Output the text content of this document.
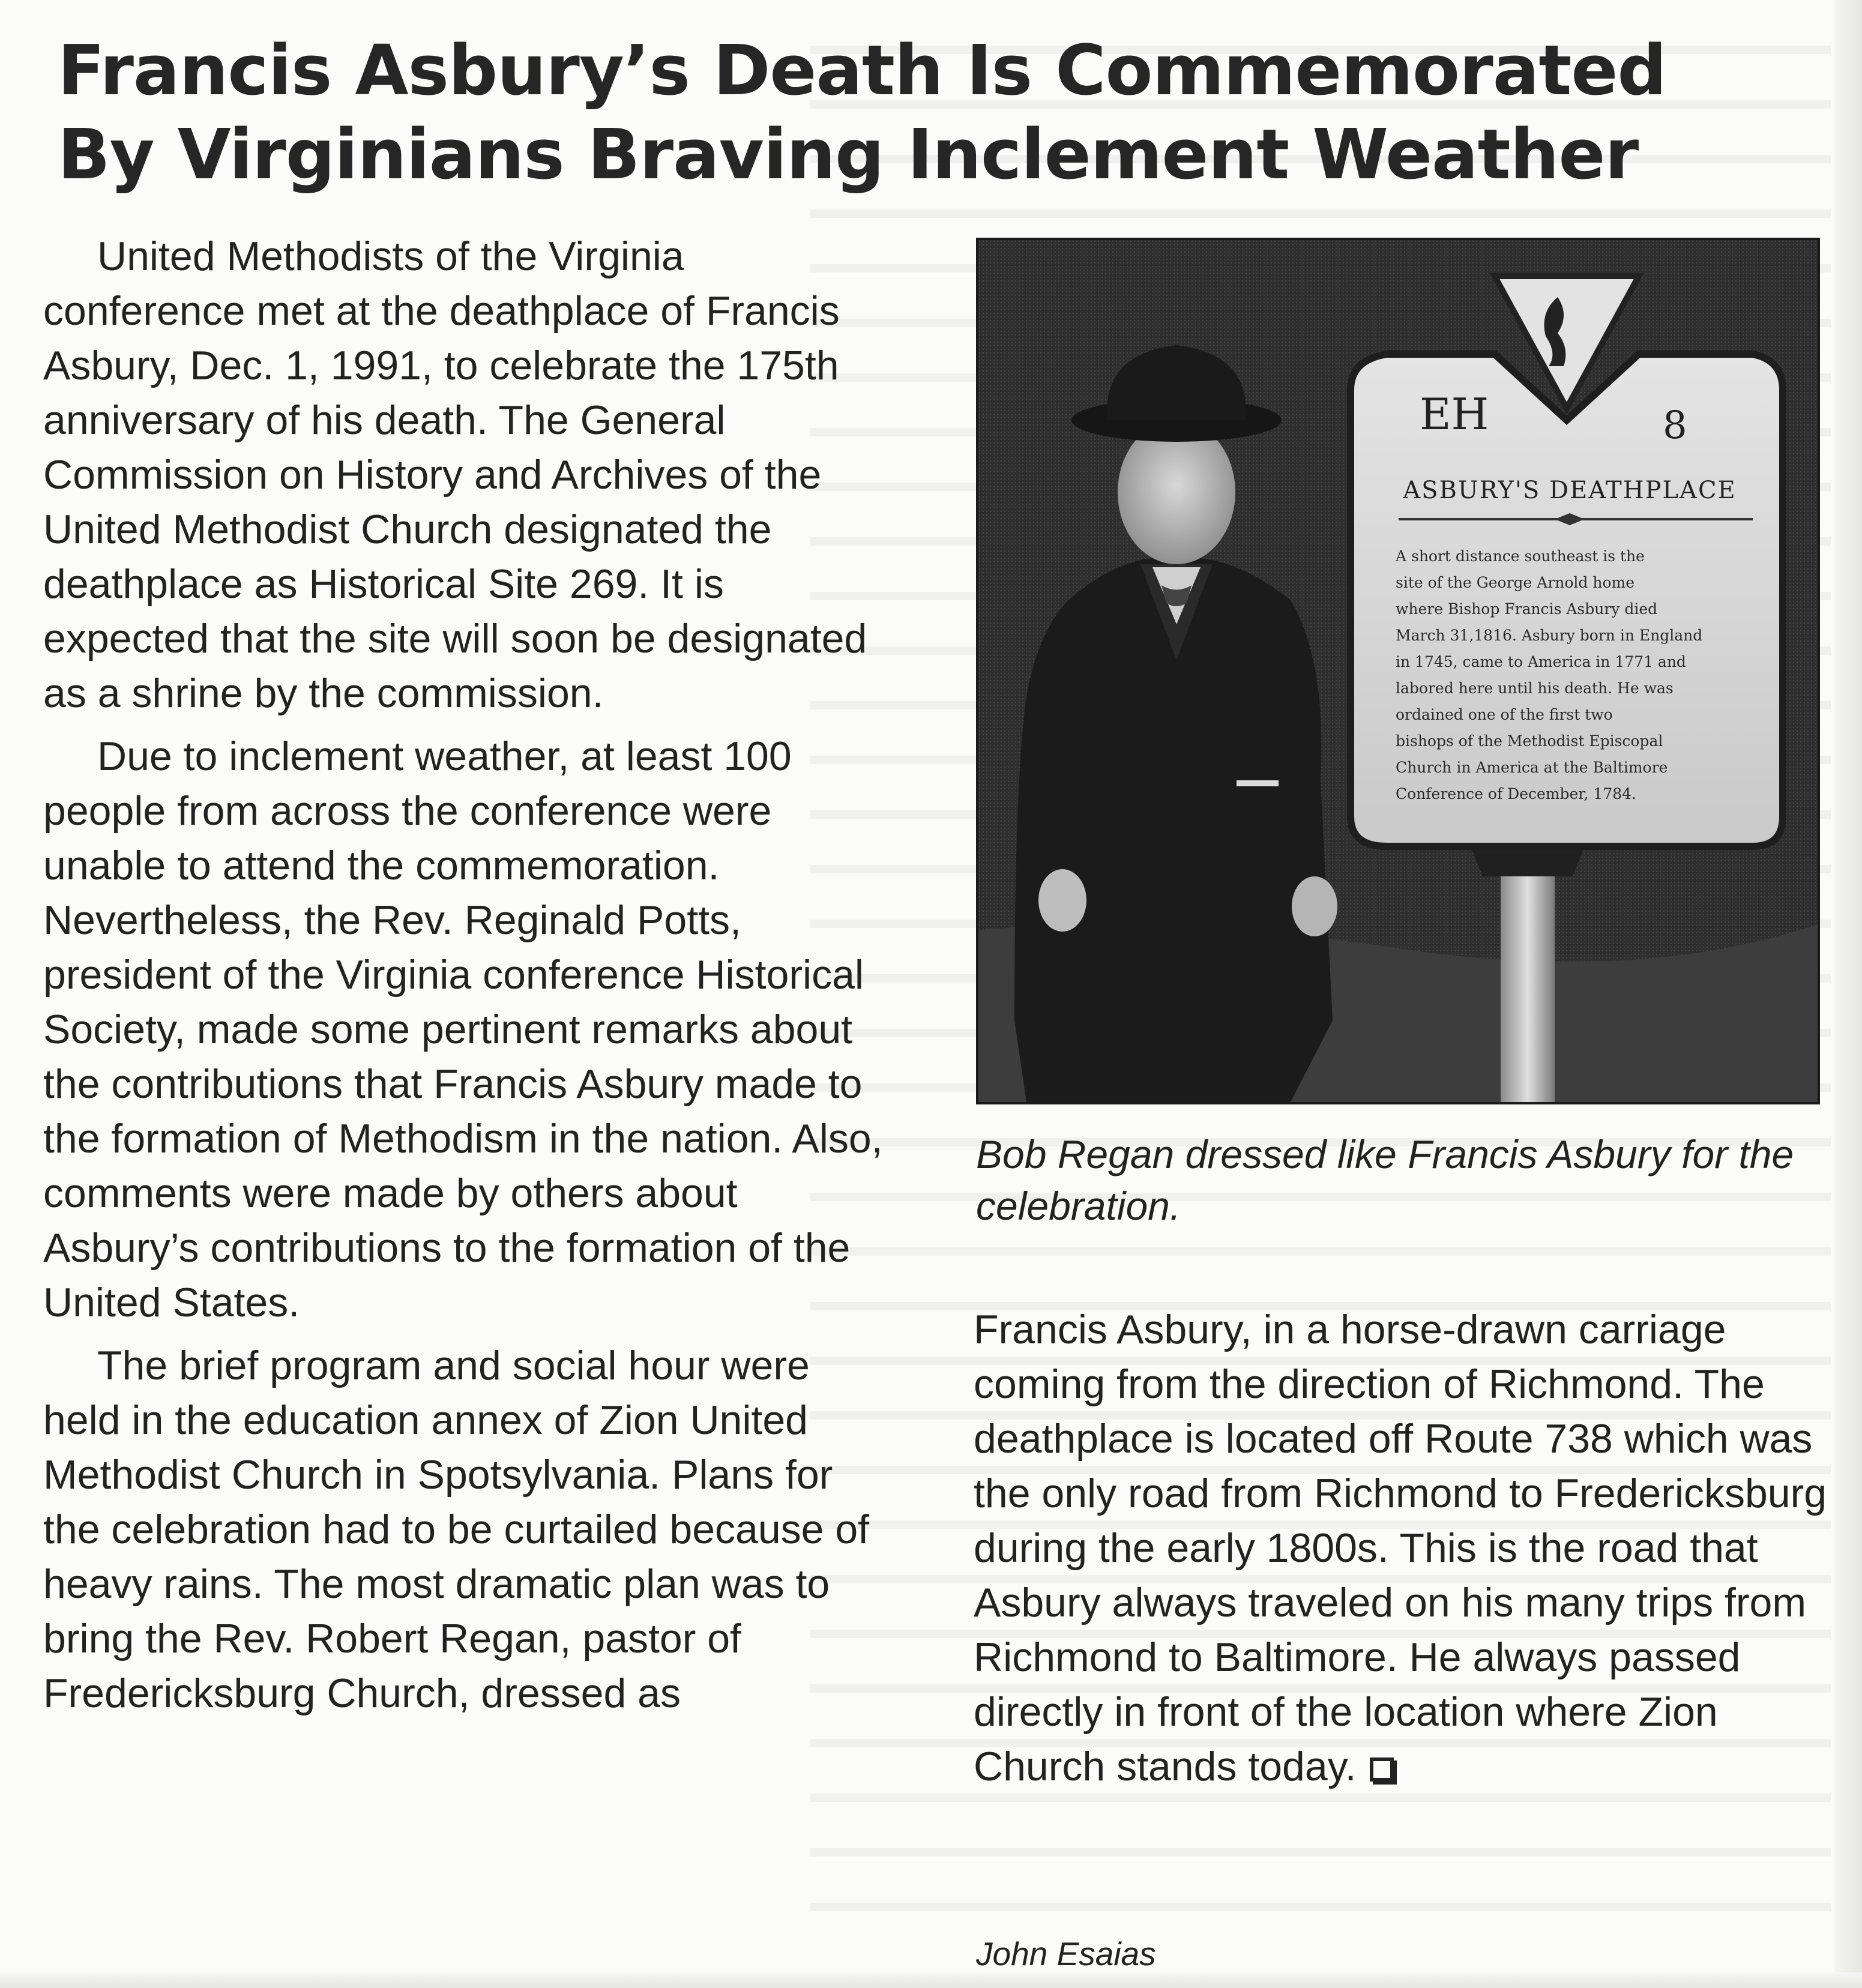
Francis Asbury’s Death Is Commemorated
By Virginians Braving Inclement Weather

United Methodists of the Virginia conference met at the deathplace of Francis Asbury, Dec. 1, 1991, to celebrate the 175th anniversary of his death. The General Commission on History and Archives of the United Methodist Church designated the deathplace as Historical Site 269. It is expected that the site will soon be designated as a shrine by the commission.

Due to inclement weather, at least 100 people from across the conference were unable to attend the commemoration. Nevertheless, the Rev. Reginald Potts, president of the Virginia conference Historical Society, made some pertinent remarks about the contributions that Francis Asbury made to the formation of Methodism in the nation. Also, comments were made by others about Asbury’s contributions to the formation of the United States.

The brief program and social hour were held in the education annex of Zion United Methodist Church in Spotsylvania. Plans for the celebration had to be curtailed because of heavy rains. The most dramatic plan was to bring the Rev. Robert Regan, pastor of Fredericksburg Church, dressed as

EH	8
ASBURY'S DEATHPLACE
A short distance southeast is the
site of the George Arnold home
where Bishop Francis Asbury died
March 31,1816. Asbury born in England
in 1745, came to America in 1771 and
labored here until his death. He was
ordained one of the first two
bishops of the Methodist Episcopal
Church in America at the Baltimore
Conference of December, 1784.

Bob Regan dressed like Francis Asbury for the celebration.

Francis Asbury, in a horse-drawn carriage coming from the direction of Richmond. The deathplace is located off Route 738 which was the only road from Richmond to Fredericksburg during the early 1800s. This is the road that Asbury always traveled on his many trips from Richmond to Baltimore. He always passed directly in front of the location where Zion Church stands today.

John Esaias
